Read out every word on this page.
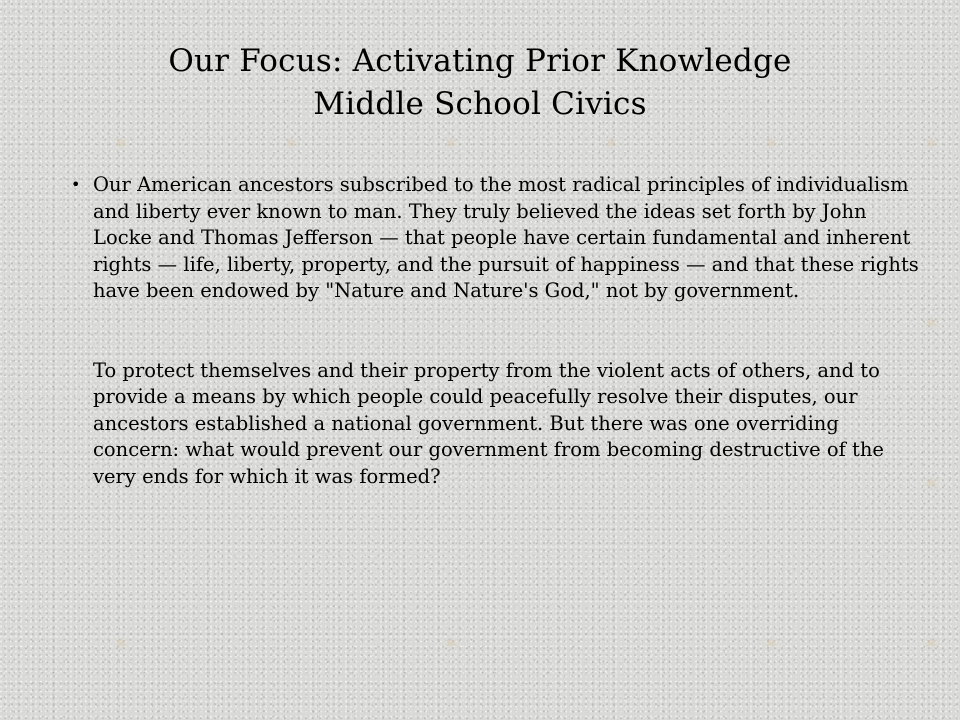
✶	✶	✶	✶	✶	✶
✶
✶
✶	✶	✶	✶
Our Focus: Activating Prior Knowledge
Middle School Civics
• Our American ancestors subscribed to the most radical principles of individualism and liberty ever known to man. They truly believed the ideas set forth by John Locke and Thomas Jefferson — that people have certain fundamental and inherent rights — life, liberty, property, and the pursuit of happiness — and that these rights have been endowed by "Nature and Nature's God," not by government.

To protect themselves and their property from the violent acts of others, and to provide a means by which people could peacefully resolve their disputes, our ancestors established a national government. But there was one overriding concern: what would prevent our government from becoming destructive of the very ends for which it was formed?
